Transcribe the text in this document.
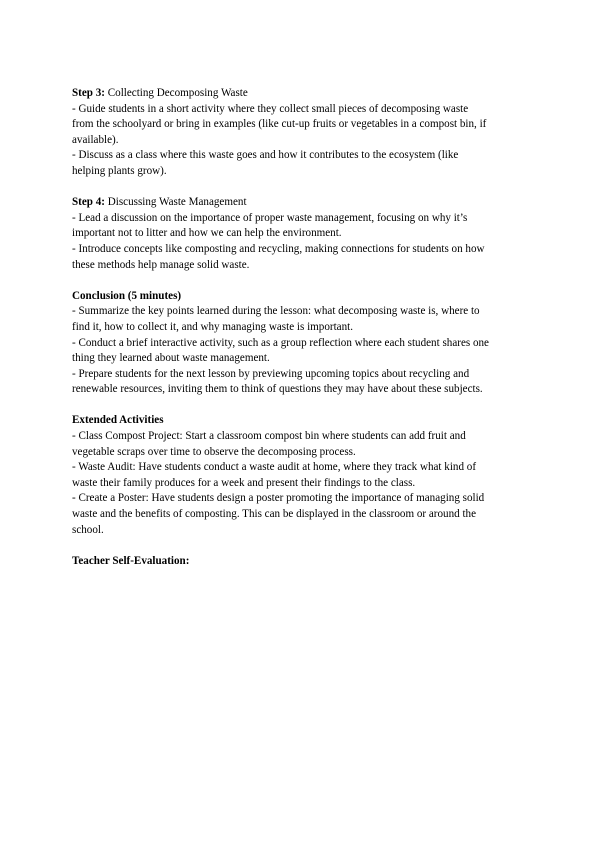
Step 3: Collecting Decomposing Waste
- Guide students in a short activity where they collect small pieces of decomposing waste
from the schoolyard or bring in examples (like cut-up fruits or vegetables in a compost bin, if
available).
- Discuss as a class where this waste goes and how it contributes to the ecosystem (like
helping plants grow).
Step 4: Discussing Waste Management
- Lead a discussion on the importance of proper waste management, focusing on why it’s
important not to litter and how we can help the environment.
- Introduce concepts like composting and recycling, making connections for students on how
these methods help manage solid waste.
Conclusion (5 minutes)
- Summarize the key points learned during the lesson: what decomposing waste is, where to
find it, how to collect it, and why managing waste is important.
- Conduct a brief interactive activity, such as a group reflection where each student shares one
thing they learned about waste management.
- Prepare students for the next lesson by previewing upcoming topics about recycling and
renewable resources, inviting them to think of questions they may have about these subjects.
Extended Activities
- Class Compost Project: Start a classroom compost bin where students can add fruit and
vegetable scraps over time to observe the decomposing process.
- Waste Audit: Have students conduct a waste audit at home, where they track what kind of
waste their family produces for a week and present their findings to the class.
- Create a Poster: Have students design a poster promoting the importance of managing solid
waste and the benefits of composting. This can be displayed in the classroom or around the
school.
Teacher Self-Evaluation:
